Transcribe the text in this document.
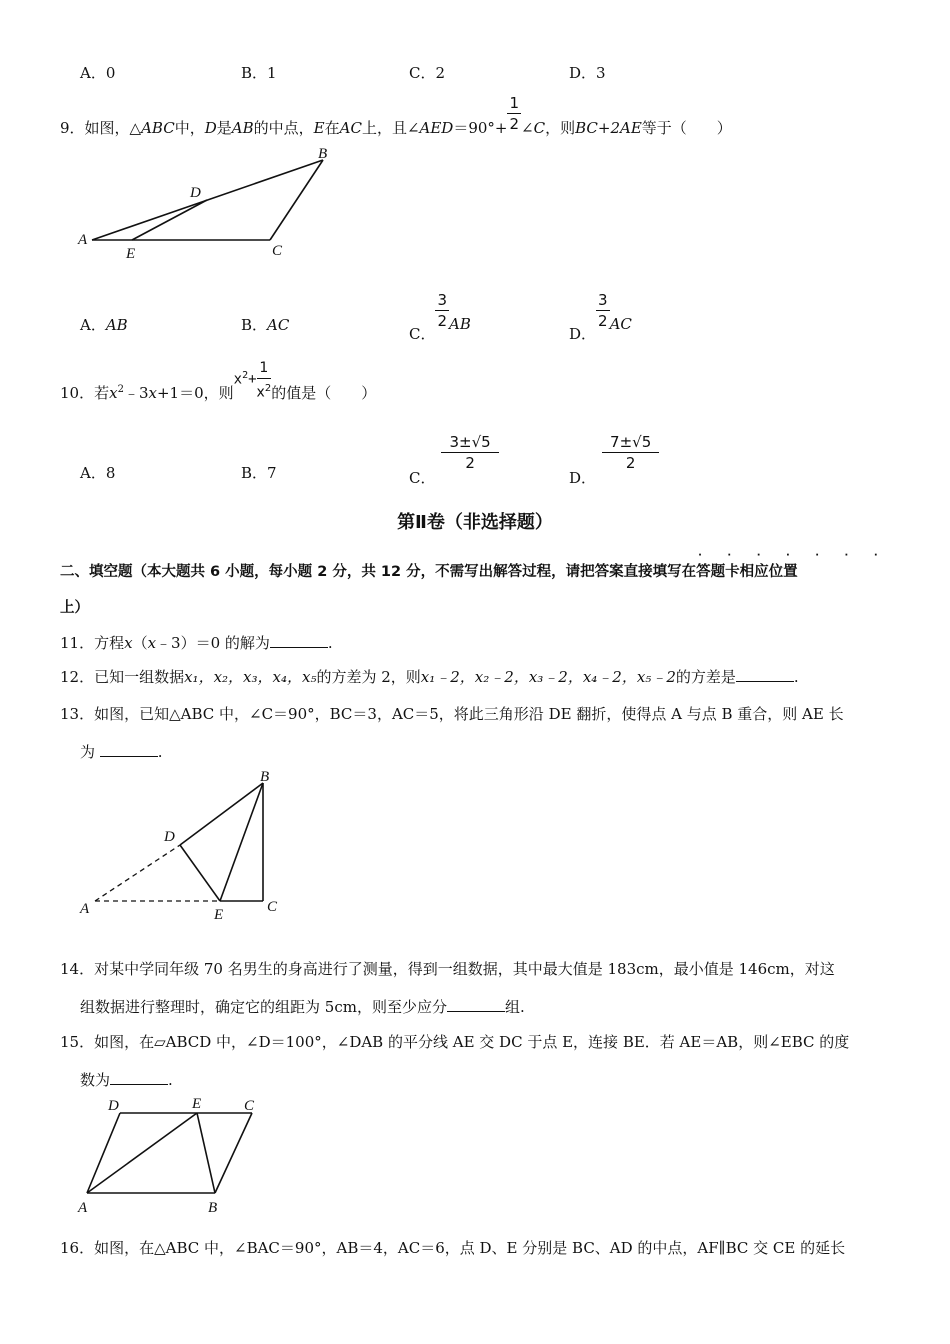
A．0	B．1	C．2	D．3
9．如图，△ABC中，D是AB的中点，E在AC上，且∠AED＝90°+ $\frac{1}{2}$ ∠C，则BC+2AE等于（　　）
A
E
D
B
C
A．AB	B．AC	C．
$\frac{3}{2}$ AB
D．
$\frac{3}{2}$ AC
10．若$x^2﹣3x+1=0$，则$x^2+ \frac{1}{x^2}$ 的值是（　　）
A．8	B．7	C．
$\frac{3\pm√5}{2}$
D．
$\frac{7\pm√5}{2}$
第Ⅱ卷（非选择题）
二、填空题（本大题共 6 小题，每小题 2 分，共 12 分，不需写出解答过程，请把答案直接填写在答题卡相应位置
· · · · · · ·
上）
11．方程x（x﹣3）＝0 的解为	.
12．已知一组数据x₁，x₂，x₃，x₄，x₅的方差为 2，则x₁﹣2，x₂﹣2，x₃﹣2，x₄﹣2，x₅﹣2的方差是	.
13．如图，已知△ABC 中，∠C＝90°，BC＝3，AC＝5，将此三角形沿 DE 翻折，使得点 A 与点 B 重合，则 AE 长
为	.
B
D
A	E	C
14．对某中学同年级 70 名男生的身高进行了测量，得到一组数据，其中最大值是 183cm，最小值是 146cm，对这
组数据进行整理时，确定它的组距为 5cm，则至少应分	组.
15．如图，在▱ABCD 中，∠D＝100°，∠DAB 的平分线 AE 交 DC 于点 E，连接 BE．若 AE＝AB，则∠EBC 的度
数为	.
D	E	C
A	B
16．如图，在△ABC 中，∠BAC＝90°，AB＝4，AC＝6，点 D、E 分别是 BC、AD 的中点，AF∥BC 交 CE 的延长
